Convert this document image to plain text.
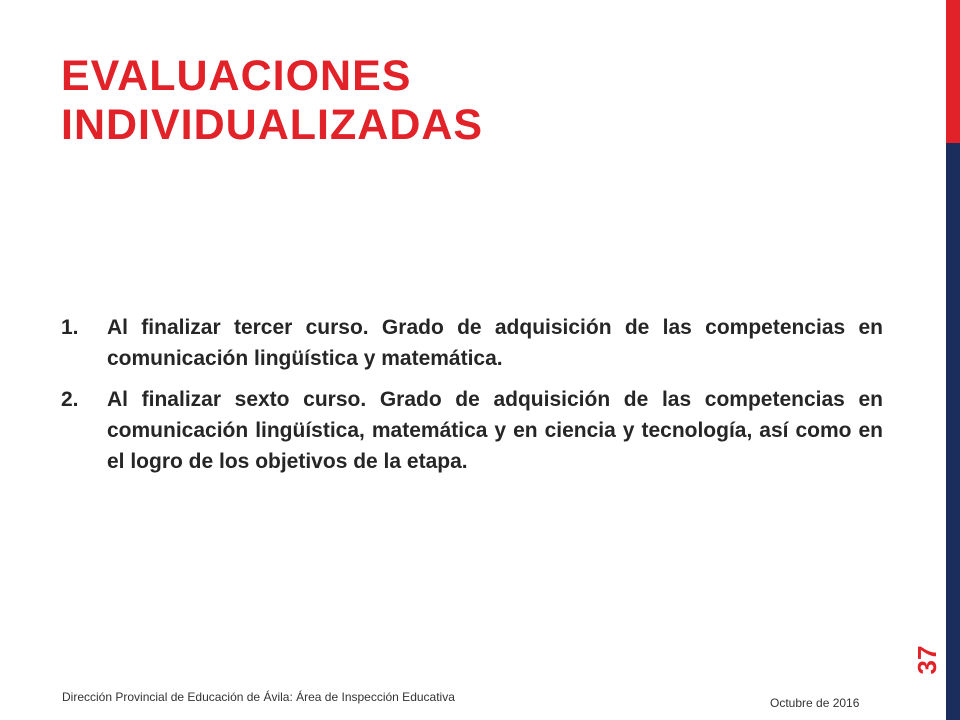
EVALUACIONES
INDIVIDUALIZADAS
1. Al finalizar tercer curso. Grado de adquisición de las competencias en comunicación lingüística y matemática.
2. Al finalizar sexto curso. Grado de adquisición de las competencias en comunicación lingüística, matemática y en ciencia y tecnología, así como en el logro de los objetivos de la etapa.
Dirección Provincial de Educación de Ávila: Área de Inspección Educativa	Octubre de 2016
37
